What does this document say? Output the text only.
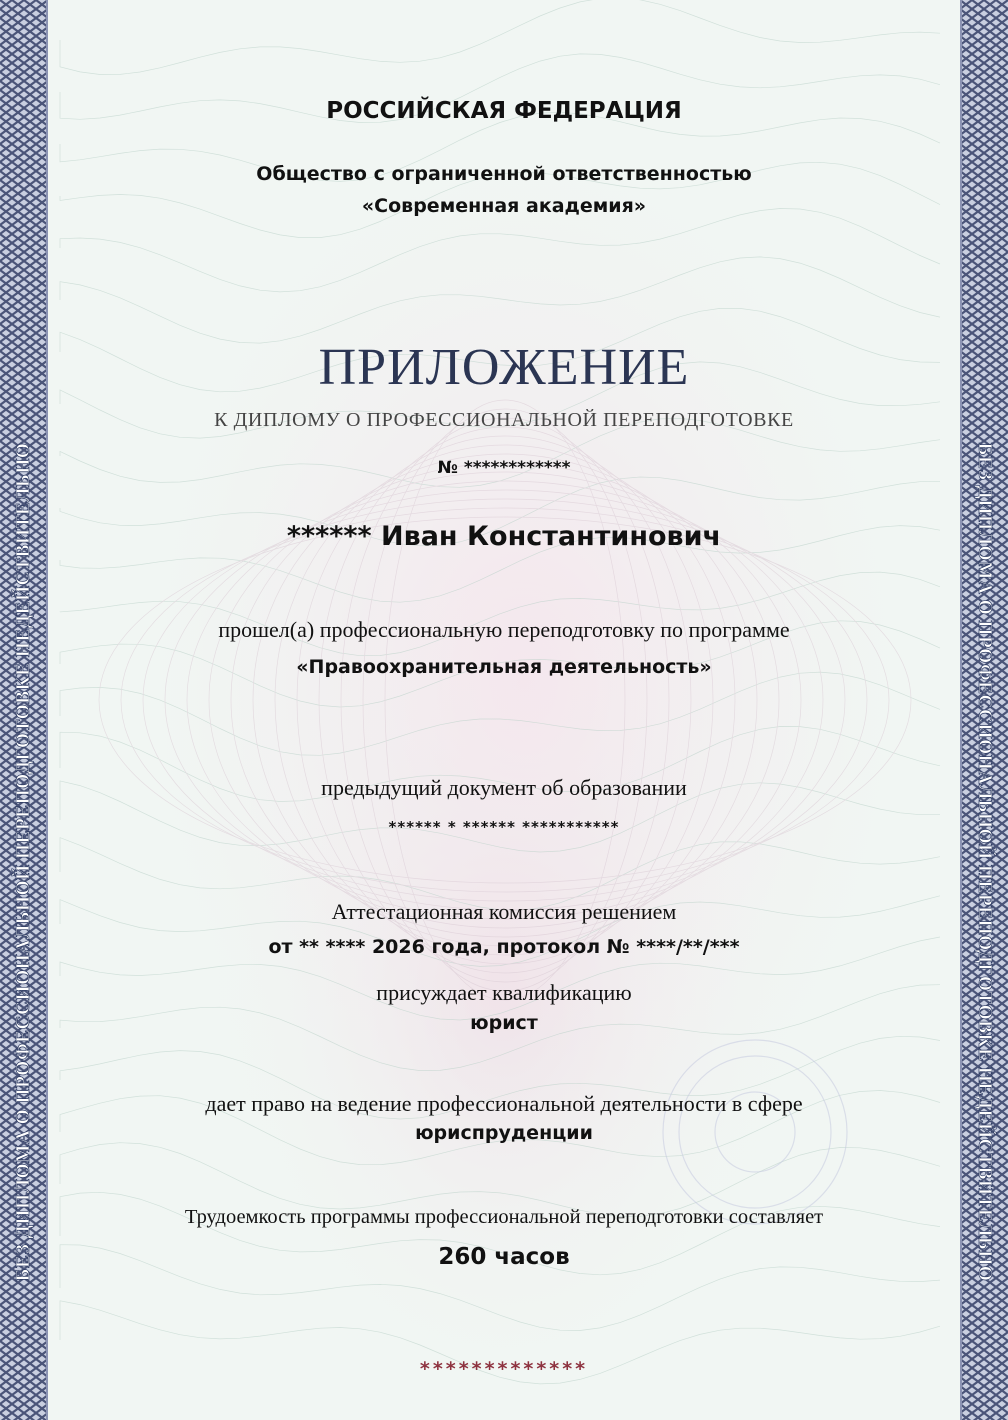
БЕЗ ДИПЛОМА О ПРОФЕССИОНАЛЬНОЙ ПЕРЕПОДГОТОВКЕ НЕДЕЙСТВИТЕЛЬНО	БЕЗ ДИПЛОМА О ПРОФЕССИОНАЛЬНОЙ ПЕРЕПОДГОТОВКЕ НЕДЕЙСТВИТЕЛЬНО
РОССИЙСКАЯ ФЕДЕРАЦИЯ
Общество с ограниченной ответственностью
«Современная академия»
ПРИЛОЖЕНИЕ
К ДИПЛОМУ О ПРОФЕССИОНАЛЬНОЙ ПЕРЕПОДГОТОВКЕ
№ ************
****** Иван Константинович
прошел(а) профессиональную переподготовку по программе
«Правоохранительная деятельность»
предыдущий документ об образовании
****** * ****** ***********
Аттестационная комиссия решением
от ** **** 2026 года, протокол № ****/**/***
присуждает квалификацию
юрист
дает право на ведение профессиональной деятельности в сфере
юриспруденции
Трудоемкость программы профессиональной переподготовки составляет
260 часов
*************
